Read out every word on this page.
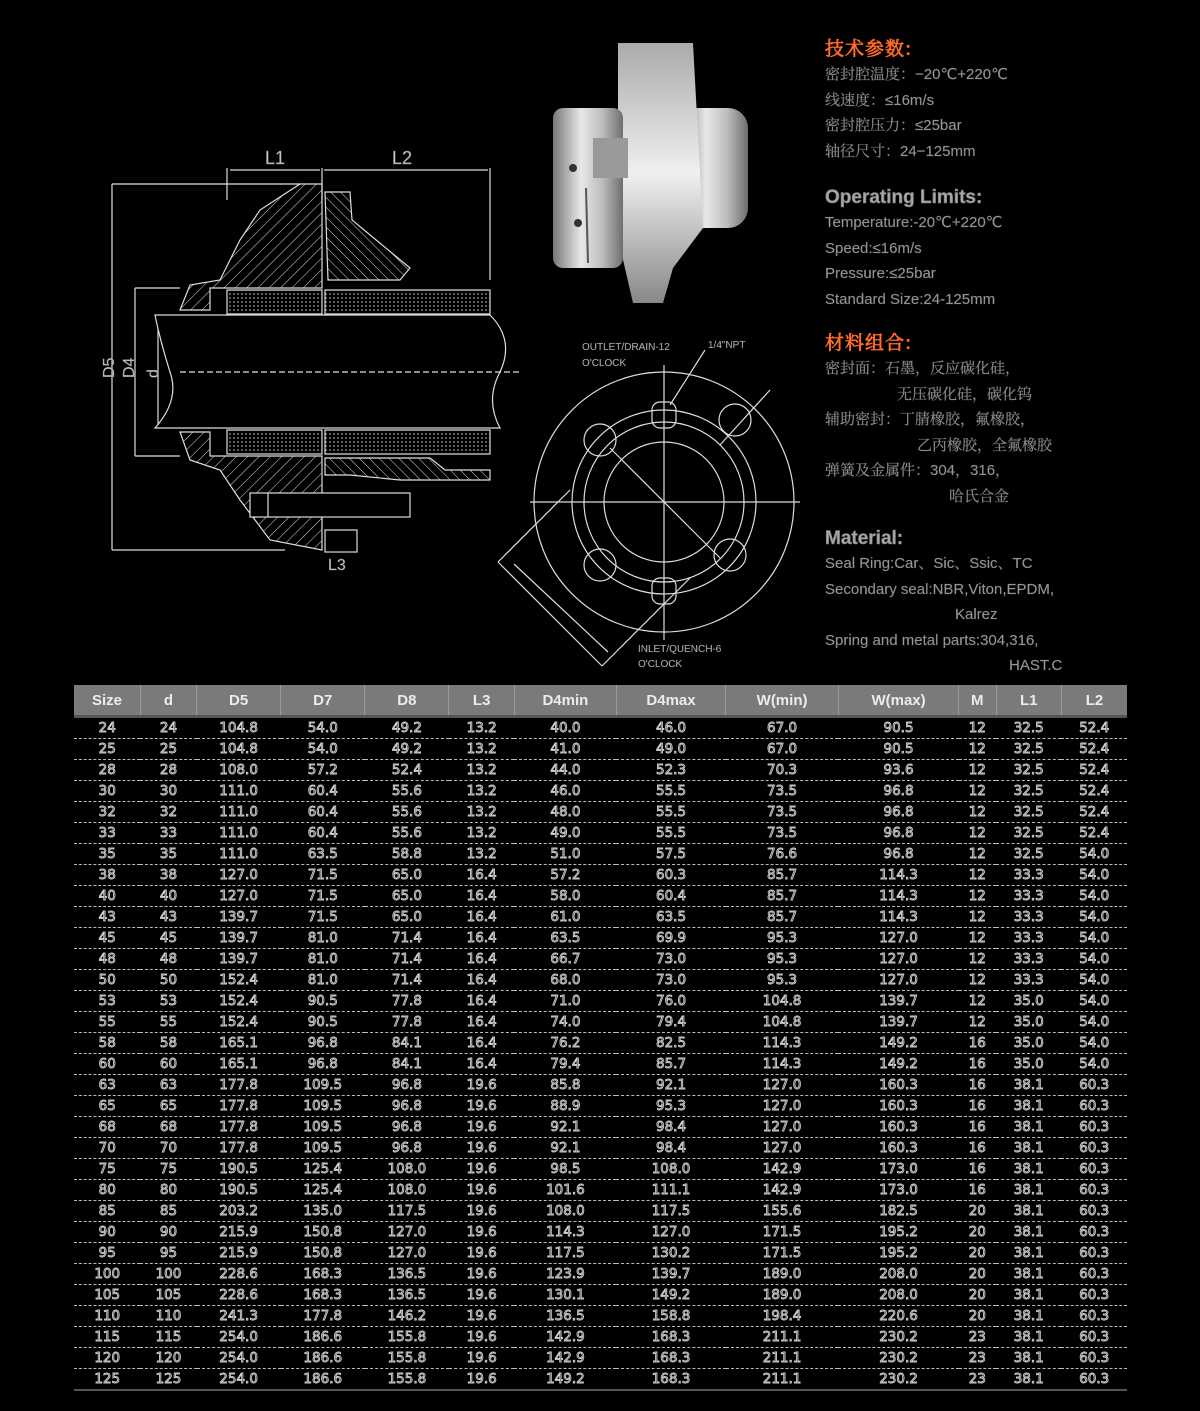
L1	L2
D5 D4 d
L3
OUTLET/DRAIN-12
O'CLOCK
1/4"NPT
INLET/QUENCH-6
O'CLOCK
技术参数:
密封腔温度：−20℃+220℃
线速度：≤16m/s
密封腔压力：≤25bar
轴径尺寸：24−125mm
Operating Limits:
Temperature:-20℃+220℃
Speed:≤16m/s
Pressure:≤25bar
Standard Size:24-125mm
材料组合:
密封面：石墨，反应碳化硅，
无压碳化硅，碳化钨
辅助密封：丁腈橡胶，氟橡胶，
乙丙橡胶，全氟橡胶
弹簧及金属件：304，316，
哈氏合金
Material:
Seal Ring:Car、Sic、Ssic、TC
Secondary seal:NBR,Viton,EPDM,
Kalrez
Spring and metal parts:304,316,
HAST.C
Size	d	D5	D7	D8	L3	D4min	D4max	W(min)	W(max)	M	L1	L2
24	24	104.8	54.0	49.2	13.2	40.0	46.0	67.0	90.5	12	32.5	52.4
25	25	104.8	54.0	49.2	13.2	41.0	49.0	67.0	90.5	12	32.5	52.4
28	28	108.0	57.2	52.4	13.2	44.0	52.3	70.3	93.6	12	32.5	52.4
30	30	111.0	60.4	55.6	13.2	46.0	55.5	73.5	96.8	12	32.5	52.4
32	32	111.0	60.4	55.6	13.2	48.0	55.5	73.5	96.8	12	32.5	52.4
33	33	111.0	60.4	55.6	13.2	49.0	55.5	73.5	96.8	12	32.5	52.4
35	35	111.0	63.5	58.8	13.2	51.0	57.5	76.6	96.8	12	32.5	54.0
38	38	127.0	71.5	65.0	16.4	57.2	60.3	85.7	114.3	12	33.3	54.0
40	40	127.0	71.5	65.0	16.4	58.0	60.4	85.7	114.3	12	33.3	54.0
43	43	139.7	71.5	65.0	16.4	61.0	63.5	85.7	114.3	12	33.3	54.0
45	45	139.7	81.0	71.4	16.4	63.5	69.9	95.3	127.0	12	33.3	54.0
48	48	139.7	81.0	71.4	16.4	66.7	73.0	95.3	127.0	12	33.3	54.0
50	50	152.4	81.0	71.4	16.4	68.0	73.0	95.3	127.0	12	33.3	54.0
53	53	152.4	90.5	77.8	16.4	71.0	76.0	104.8	139.7	12	35.0	54.0
55	55	152.4	90.5	77.8	16.4	74.0	79.4	104.8	139.7	12	35.0	54.0
58	58	165.1	96.8	84.1	16.4	76.2	82.5	114.3	149.2	16	35.0	54.0
60	60	165.1	96.8	84.1	16.4	79.4	85.7	114.3	149.2	16	35.0	54.0
63	63	177.8	109.5	96.8	19.6	85.8	92.1	127.0	160.3	16	38.1	60.3
65	65	177.8	109.5	96.8	19.6	88.9	95.3	127.0	160.3	16	38.1	60.3
68	68	177.8	109.5	96.8	19.6	92.1	98.4	127.0	160.3	16	38.1	60.3
70	70	177.8	109.5	96.8	19.6	92.1	98.4	127.0	160.3	16	38.1	60.3
75	75	190.5	125.4	108.0	19.6	98.5	108.0	142.9	173.0	16	38.1	60.3
80	80	190.5	125.4	108.0	19.6	101.6	111.1	142.9	173.0	16	38.1	60.3
85	85	203.2	135.0	117.5	19.6	108.0	117.5	155.6	182.5	20	38.1	60.3
90	90	215.9	150.8	127.0	19.6	114.3	127.0	171.5	195.2	20	38.1	60.3
95	95	215.9	150.8	127.0	19.6	117.5	130.2	171.5	195.2	20	38.1	60.3
100	100	228.6	168.3	136.5	19.6	123.9	139.7	189.0	208.0	20	38.1	60.3
105	105	228.6	168.3	136.5	19.6	130.1	149.2	189.0	208.0	20	38.1	60.3
110	110	241.3	177.8	146.2	19.6	136.5	158.8	198.4	220.6	20	38.1	60.3
115	115	254.0	186.6	155.8	19.6	142.9	168.3	211.1	230.2	23	38.1	60.3
120	120	254.0	186.6	155.8	19.6	142.9	168.3	211.1	230.2	23	38.1	60.3
125	125	254.0	186.6	155.8	19.6	149.2	168.3	211.1	230.2	23	38.1	60.3
